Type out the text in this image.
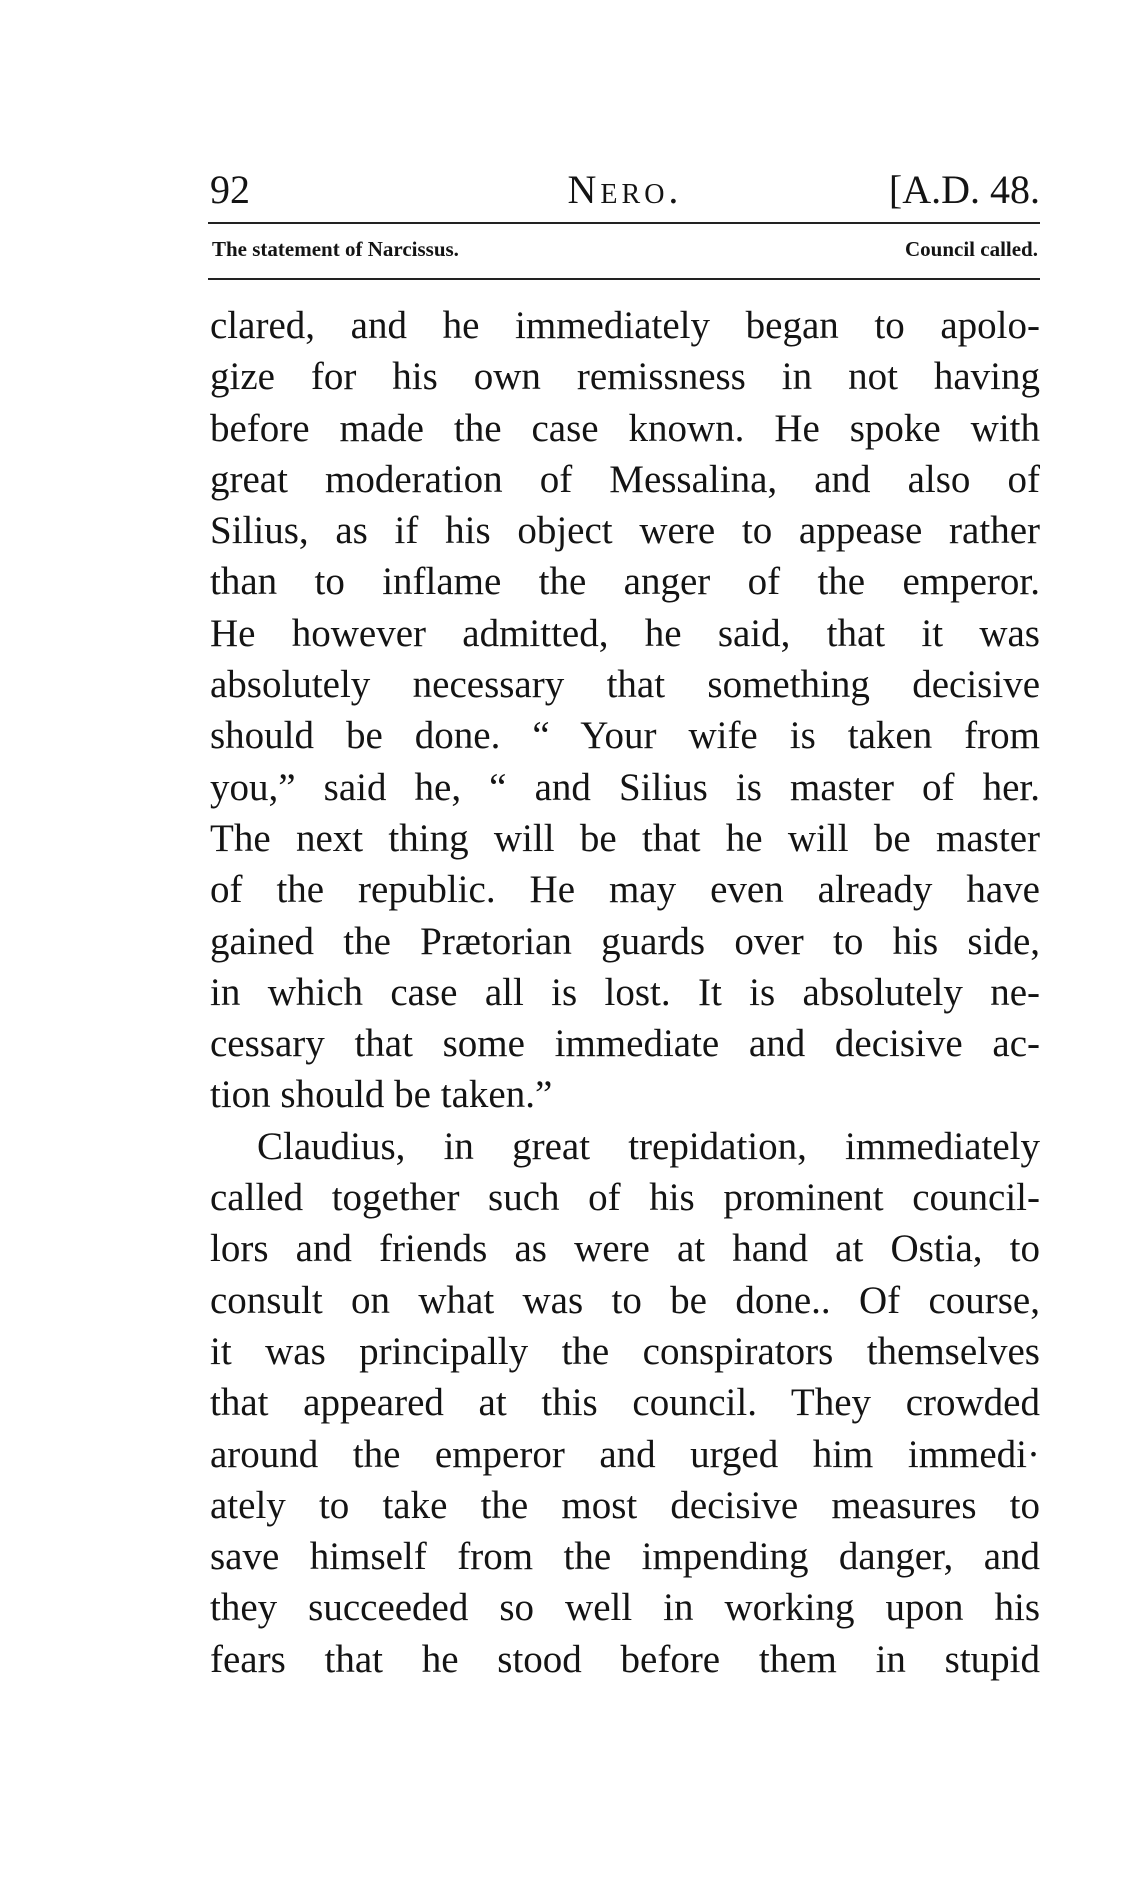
92	Nero.	[A.D. 48.
The statement of Narcissus.	Council called.
clared, and he immediately began to apolo-
gize for his own remissness in not having
before made the case known. He spoke with
great moderation of Messalina, and also of
Silius, as if his object were to appease rather
than to inflame the anger of the emperor.
He however admitted, he said, that it was
absolutely necessary that something decisive
should be done. “ Your wife is taken from
you,” said he, “ and Silius is master of her.
The next thing will be that he will be master
of the republic. He may even already have
gained the Prætorian guards over to his side,
in which case all is lost. It is absolutely ne-
cessary that some immediate and decisive ac-
tion should be taken.”
Claudius, in great trepidation, immediately
called together such of his prominent council-
lors and friends as were at hand at Ostia, to
consult on what was to be done.. Of course,
it was principally the conspirators themselves
that appeared at this council. They crowded
around the emperor and urged him immedi·
ately to take the most decisive measures to
save himself from the impending danger, and
they succeeded so well in working upon his
fears that he stood before them in stupid
